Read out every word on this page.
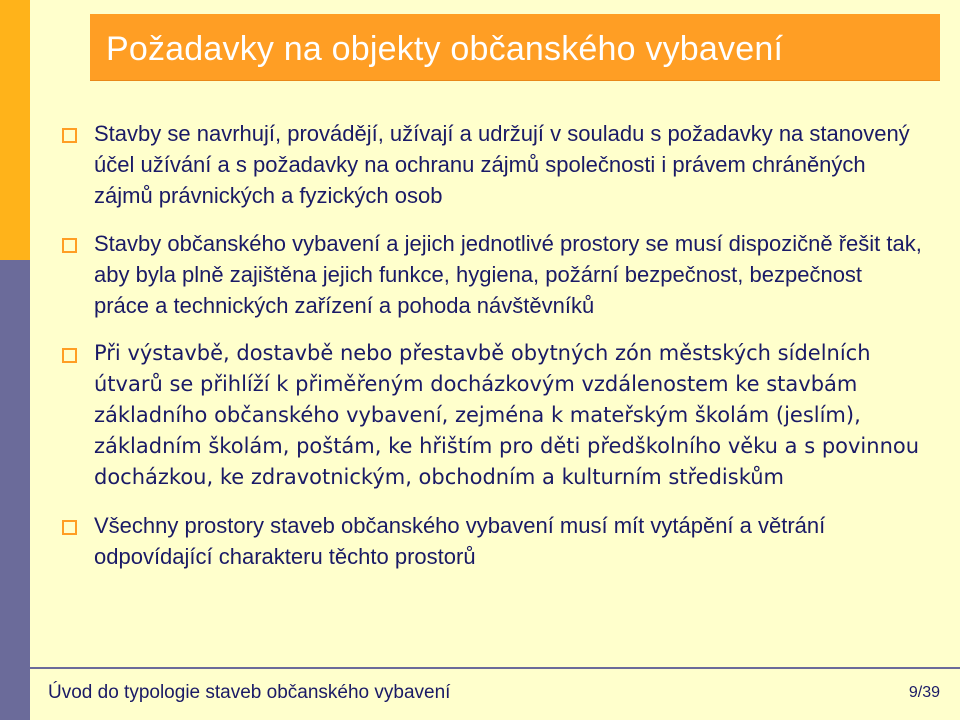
Požadavky na objekty občanského vybavení
Stavby se navrhují, provádějí, užívají a udržují v souladu s požadavky na stanovený účel užívání a s požadavky na ochranu zájmů společnosti i právem chráněných zájmů právnických a fyzických osob
Stavby občanského vybavení a jejich jednotlivé prostory se musí dispozičně řešit tak, aby byla plně zajištěna jejich funkce, hygiena, požární bezpečnost, bezpečnost práce a technických zařízení a pohoda návštěvníků
Při výstavbě, dostavbě nebo přestavbě obytných zón městských sídelních útvarů se přihlíží k přiměřeným docházkovým vzdálenostem ke stavbám základního občanského vybavení, zejména k mateřským školám (jeslím), základním školám, poštám, ke hřištím pro děti předškolního věku a s povinnou docházkou, ke zdravotnickým, obchodním a kulturním střediskům
Všechny prostory staveb občanského vybavení musí mít vytápění a větrání odpovídající charakteru těchto prostorů
Úvod do typologie staveb občanského vybavení	9/39
